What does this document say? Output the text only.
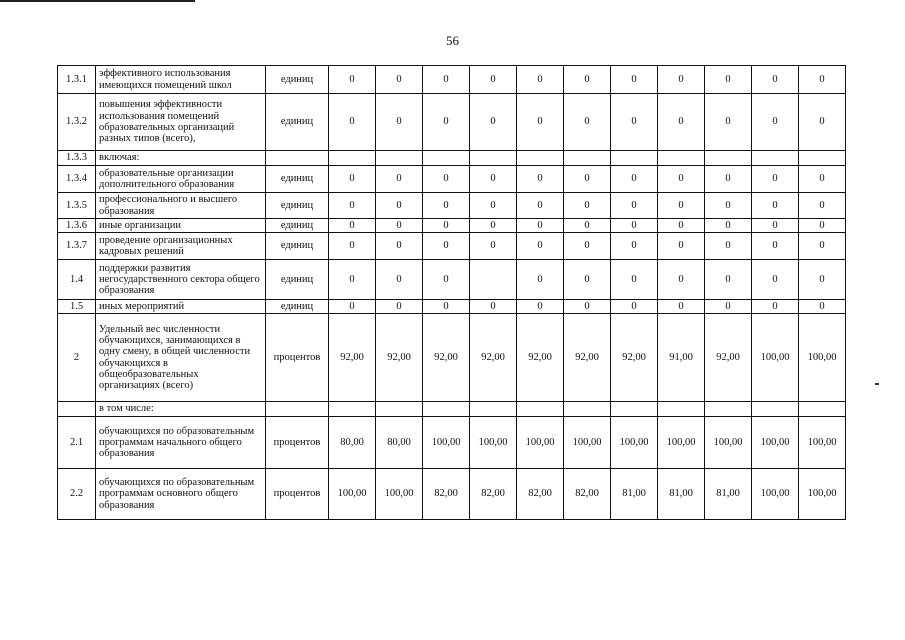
56
1.3.1	эффективного использования имеющихся помещений школ	единиц	0	0	0	0	0	0	0	0	0	0	0
1.3.2	повышения эффективности использования помещений образовательных организаций разных типов (всего),	единиц	0	0	0	0	0	0	0	0	0	0	0
1.3.3	включая:												
1.3.4	образовательные организации дополнительного образования	единиц	0	0	0	0	0	0	0	0	0	0	0
1.3.5	профессионального и высшего образования	единиц	0	0	0	0	0	0	0	0	0	0	0
1.3.6	иные организации	единиц	0	0	0	0	0	0	0	0	0	0	0
1.3.7	проведение организационных кадровых решений	единиц	0	0	0	0	0	0	0	0	0	0	0
1.4	поддержки развития негосударственного сектора общего образования	единиц	0	0	0		0	0	0	0	0	0	0
1.5	иных мероприятий	единиц	0	0	0	0	0	0	0	0	0	0	0
2	Удельный вес численности обучающихся, занимающихся в одну смену, в общей численности обучающихся в общеобразовательных организациях (всего)	процентов	92,00	92,00	92,00	92,00	92,00	92,00	92,00	91,00	92,00	100,00	100,00
	в том числе:												
2.1	обучающихся по образовательным программам начального общего образования	процентов	80,00	80,00	100,00	100,00	100,00	100,00	100,00	100,00	100,00	100,00	100,00
2.2	обучающихся по образовательным программам основного общего образования	процентов	100,00	100,00	82,00	82,00	82,00	82,00	81,00	81,00	81,00	100,00	100,00
